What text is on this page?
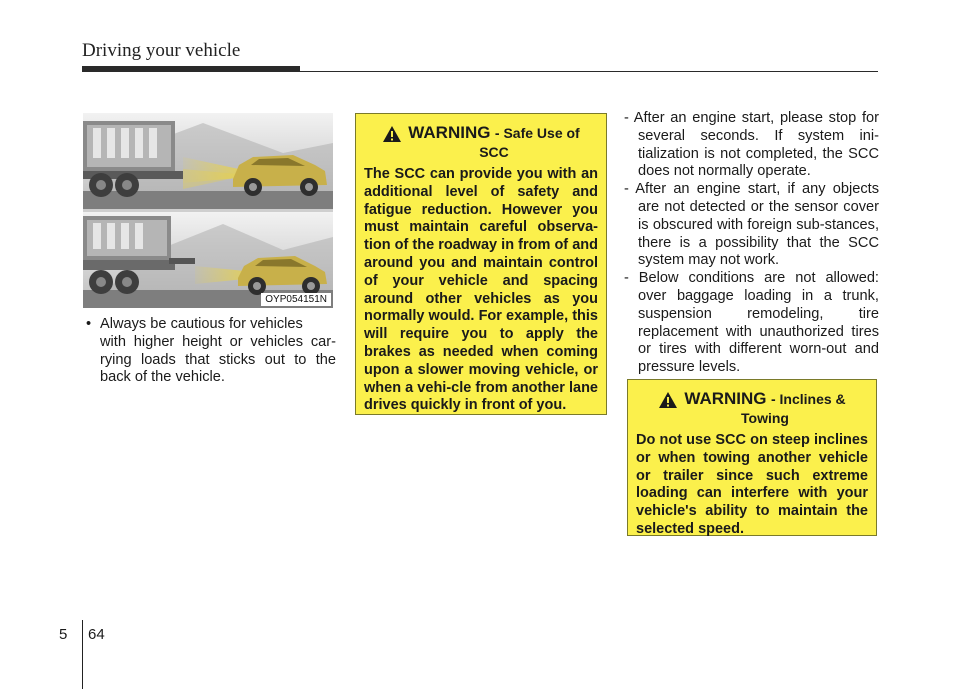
Driving your vehicle
OYP054151N
• Always be cautious for vehicles
with higher height or vehicles car-rying loads that sticks out to the back of the vehicle.
WARNING - Safe Use of
SCC
The SCC can provide you with an additional level of safety and fatigue reduction. However you must maintain careful observa-tion of the roadway in from of and around you and maintain control of your vehicle and spacing around other vehicles as you normally would. For example, this will require you to apply the brakes as needed when coming upon a slower moving vehicle, or when a vehi-cle from another lane drives quickly in front of you.
- After an engine start, please stop for several seconds. If system ini-tialization is not completed, the SCC does not normally operate.
- After an engine start, if any objects are not detected or the sensor cover is obscured with foreign sub-stances, there is a possibility that the SCC system may not work.
- Below conditions are not allowed: over baggage loading in a trunk, suspension remodeling, tire replacement with unauthorized tires or tires with different worn-out and pressure levels.
WARNING - Inclines &
Towing
Do not use SCC on steep inclines or when towing another vehicle or trailer since such extreme loading can interfere with your vehicle's ability to maintain the selected speed.
5 64
